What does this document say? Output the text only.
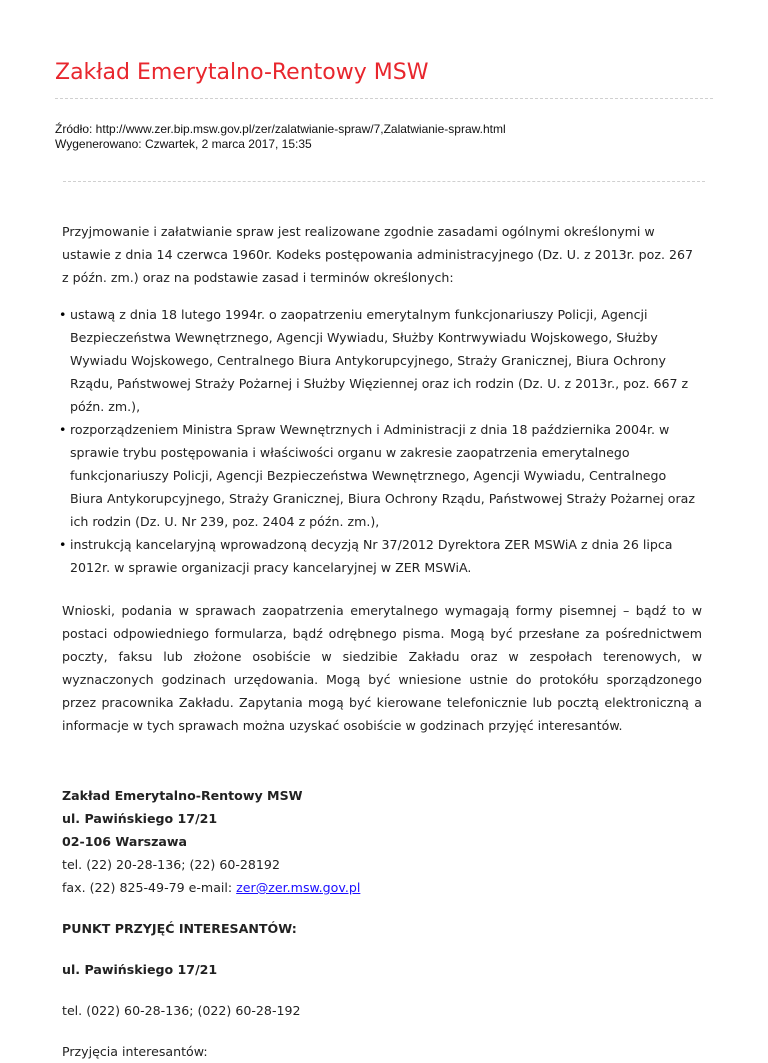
Zakład Emerytalno-Rentowy MSW
Źródło: http://www.zer.bip.msw.gov.pl/zer/zalatwianie-spraw/7,Zalatwianie-spraw.html
Wygenerowano: Czwartek, 2 marca 2017, 15:35

Przyjmowanie i załatwianie spraw jest realizowane zgodnie zasadami ogólnymi określonymi w ustawie z dnia 14 czerwca 1960r. Kodeks postępowania administracyjnego (Dz. U. z 2013r. poz. 267 z późn. zm.) oraz na podstawie zasad i terminów określonych:

• ustawą z dnia 18 lutego 1994r. o zaopatrzeniu emerytalnym funkcjonariuszy Policji, Agencji Bezpieczeństwa Wewnętrznego, Agencji Wywiadu, Służby Kontrwywiadu Wojskowego, Służby Wywiadu Wojskowego, Centralnego Biura Antykorupcyjnego, Straży Granicznej, Biura Ochrony Rządu, Państwowej Straży Pożarnej i Służby Więziennej oraz ich rodzin (Dz. U. z 2013r., poz. 667 z późn. zm.),
• rozporządzeniem Ministra Spraw Wewnętrznych i Administracji z dnia 18 października 2004r. w sprawie trybu postępowania i właściwości organu w zakresie zaopatrzenia emerytalnego funkcjonariuszy Policji, Agencji Bezpieczeństwa Wewnętrznego, Agencji Wywiadu, Centralnego Biura Antykorupcyjnego, Straży Granicznej, Biura Ochrony Rządu, Państwowej Straży Pożarnej oraz ich rodzin (Dz. U. Nr 239, poz. 2404 z późn. zm.),
• instrukcją kancelaryjną wprowadzoną decyzją Nr 37/2012 Dyrektora ZER MSWiA z dnia 26 lipca 2012r. w sprawie organizacji pracy kancelaryjnej w ZER MSWiA.

Wnioski, podania w sprawach zaopatrzenia emerytalnego wymagają formy pisemnej – bądź to w postaci odpowiedniego formularza, bądź odrębnego pisma. Mogą być przesłane za pośrednictwem poczty, faksu lub złożone osobiście w siedzibie Zakładu oraz w zespołach terenowych, w wyznaczonych godzinach urzędowania. Mogą być wniesione ustnie do protokółu sporządzonego przez pracownika Zakładu. Zapytania mogą być kierowane telefonicznie lub pocztą elektroniczną a informacje w tych sprawach można uzyskać osobiście w godzinach przyjęć interesantów.

Zakład Emerytalno-Rentowy MSW
ul. Pawińskiego 17/21
02-106 Warszawa
tel. (22) 20-28-136; (22) 60-28192
fax. (22) 825-49-79 e-mail: zer@zer.msw.gov.pl

PUNKT PRZYJĘĆ INTERESANTÓW:

ul. Pawińskiego 17/21

tel. (022) 60-28-136; (022) 60-28-192

Przyjęcia interesantów:
